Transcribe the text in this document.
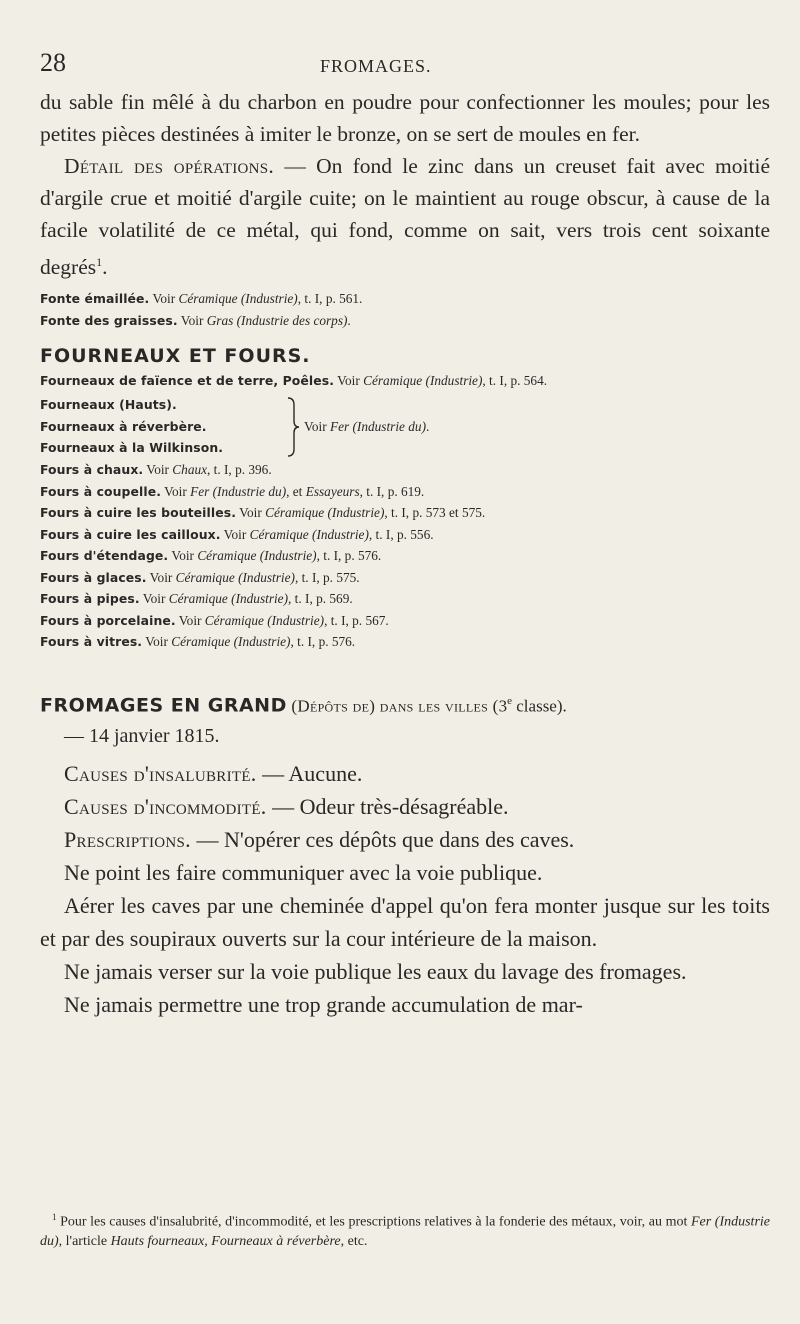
28	FROMAGES.

du sable fin mêlé à du charbon en poudre pour confectionner les moules; pour les petites pièces destinées à imiter le bronze, on se sert de moules en fer.

Détail des opérations. — On fond le zinc dans un creuset fait avec moitié d'argile crue et moitié d'argile cuite; on le maintient au rouge obscur, à cause de la facile volatilité de ce métal, qui fond, comme on sait, vers trois cent soixante degrés$^1$.

Fonte émaillée. Voir Céramique (Industrie), t. I, p. 561.

Fonte des graisses. Voir Gras (Industrie des corps).

FOURNEAUX ET FOURS.

Fourneaux de faïence et de terre, Poêles. Voir Céramique (Industrie), t. I, p. 564.

Fourneaux (Hauts).

Fourneaux à réverbère.

Fourneaux à la Wilkinson.

Voir Fer (Industrie du).

Fours à chaux. Voir Chaux, t. I, p. 396.

Fours à coupelle. Voir Fer (Industrie du), et Essayeurs, t. I, p. 619.

Fours à cuire les bouteilles. Voir Céramique (Industrie), t. I, p. 573 et 575.

Fours à cuire les cailloux. Voir Céramique (Industrie), t. I, p. 556.

Fours d'étendage. Voir Céramique (Industrie), t. I, p. 576.

Fours à glaces. Voir Céramique (Industrie), t. I, p. 575.

Fours à pipes. Voir Céramique (Industrie), t. I, p. 569.

Fours à porcelaine. Voir Céramique (Industrie), t. I, p. 567.

Fours à vitres. Voir Céramique (Industrie), t. I, p. 576.

FROMAGES EN GRAND (Dépôts de) dans les villes (3e classe).

— 14 janvier 1815.

Causes d'insalubrité. — Aucune.

Causes d'incommodité. — Odeur très-désagréable.

Prescriptions. — N'opérer ces dépôts que dans des caves.

Ne point les faire communiquer avec la voie publique.

Aérer les caves par une cheminée d'appel qu'on fera monter jusque sur les toits et par des soupiraux ouverts sur la cour intérieure de la maison.

Ne jamais verser sur la voie publique les eaux du lavage des fromages.

Ne jamais permettre une trop grande accumulation de mar-

$^1$ Pour les causes d'insalubrité, d'incommodité, et les prescriptions relatives à la fonderie des métaux, voir, au mot Fer (Industrie du), l'article Hauts fourneaux, Fourneaux à réverbère, etc.
